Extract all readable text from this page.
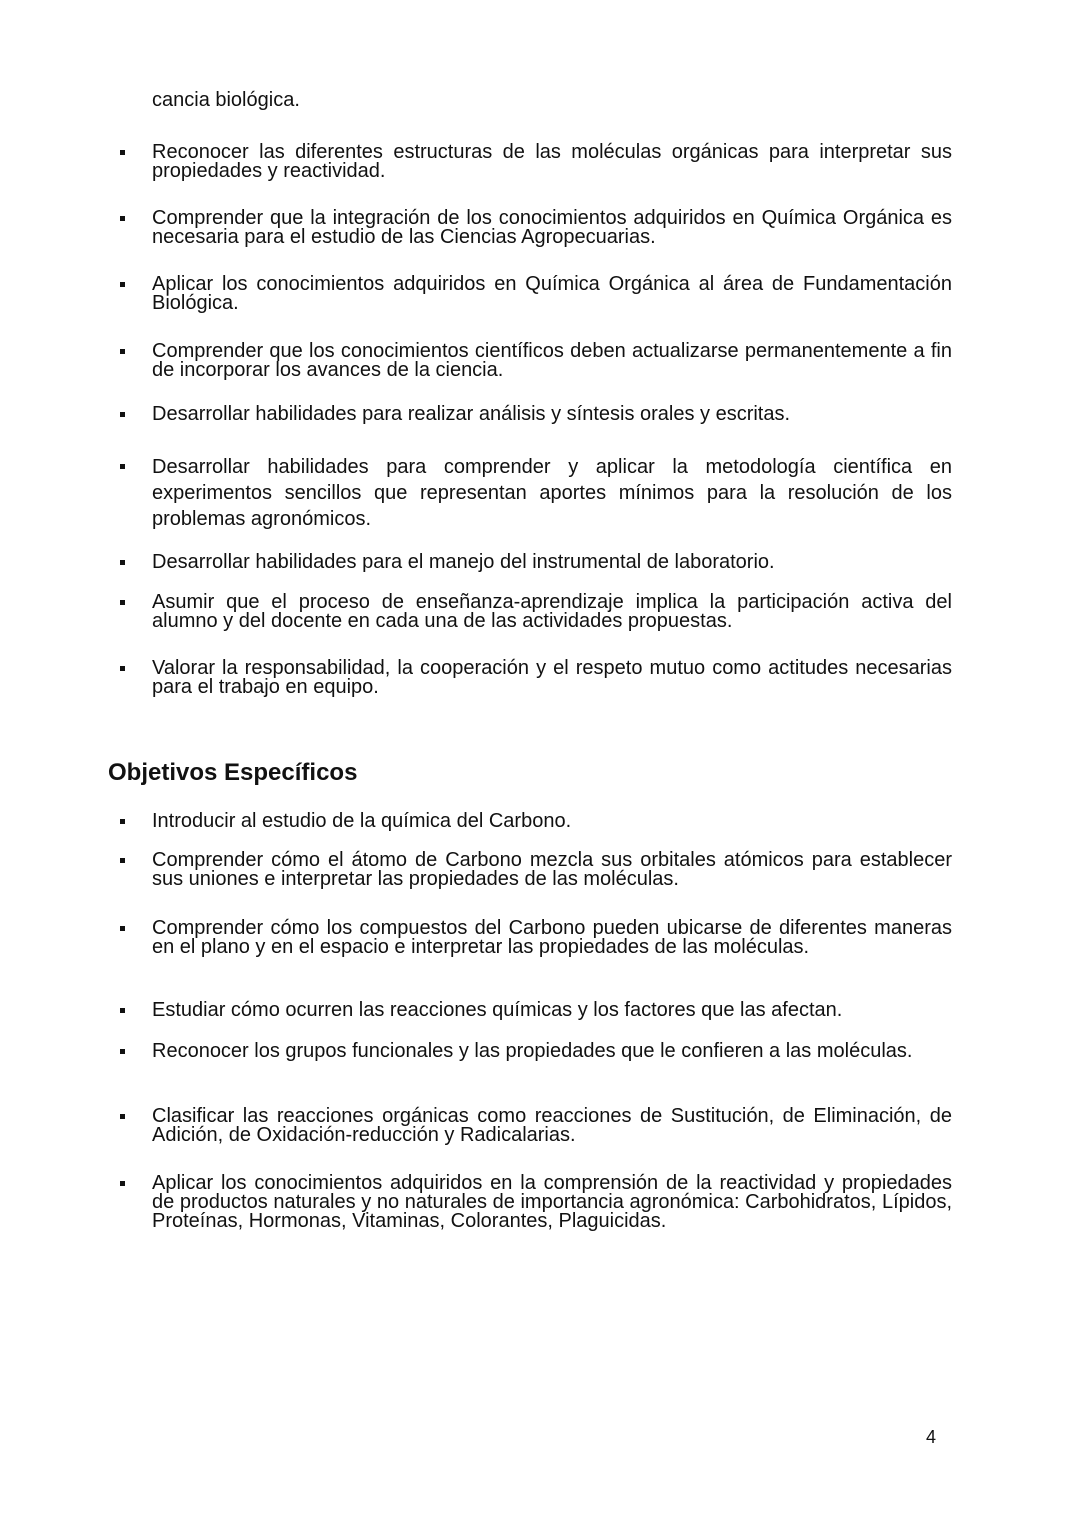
cancia biológica.
Reconocer las diferentes estructuras de las moléculas orgánicas para interpretar sus propiedades y reactividad.
Comprender que la integración de los conocimientos adquiridos en Química Orgánica es necesaria para el estudio de las Ciencias Agropecuarias.
Aplicar los conocimientos adquiridos en Química Orgánica al área de Fundamentación Biológica.
Comprender que los conocimientos científicos deben actualizarse permanentemente a fin de incorporar los avances de la ciencia.
Desarrollar habilidades para realizar análisis y síntesis orales y escritas.
Desarrollar habilidades para comprender y aplicar la metodología científica en experimentos sencillos que representan aportes mínimos para la resolución de los problemas agronómicos.
Desarrollar habilidades para el manejo del instrumental de laboratorio.
Asumir que el proceso de enseñanza-aprendizaje implica la participación activa del alumno y del docente en cada una de las actividades propuestas.
Valorar la responsabilidad, la cooperación y el respeto mutuo como actitudes necesarias para el trabajo en equipo.
Objetivos Específicos
Introducir al estudio de la química del Carbono.
Comprender cómo el átomo de Carbono mezcla sus orbitales atómicos para establecer sus uniones e interpretar las propiedades de las moléculas.
Comprender cómo los compuestos del Carbono pueden ubicarse de diferentes maneras en el plano y en el espacio e interpretar las propiedades de las moléculas.
Estudiar cómo ocurren las reacciones químicas y los factores que las afectan.
Reconocer los grupos funcionales y las propiedades que le confieren a las moléculas.
Clasificar las reacciones orgánicas como reacciones de Sustitución, de Eliminación, de Adición, de Oxidación-reducción y Radicalarias.
Aplicar los conocimientos adquiridos en la comprensión de la reactividad y propiedades de productos naturales y no naturales de importancia agronómica: Carbohidratos, Lípidos, Proteínas, Hormonas, Vitaminas, Colorantes, Plaguicidas.
4
